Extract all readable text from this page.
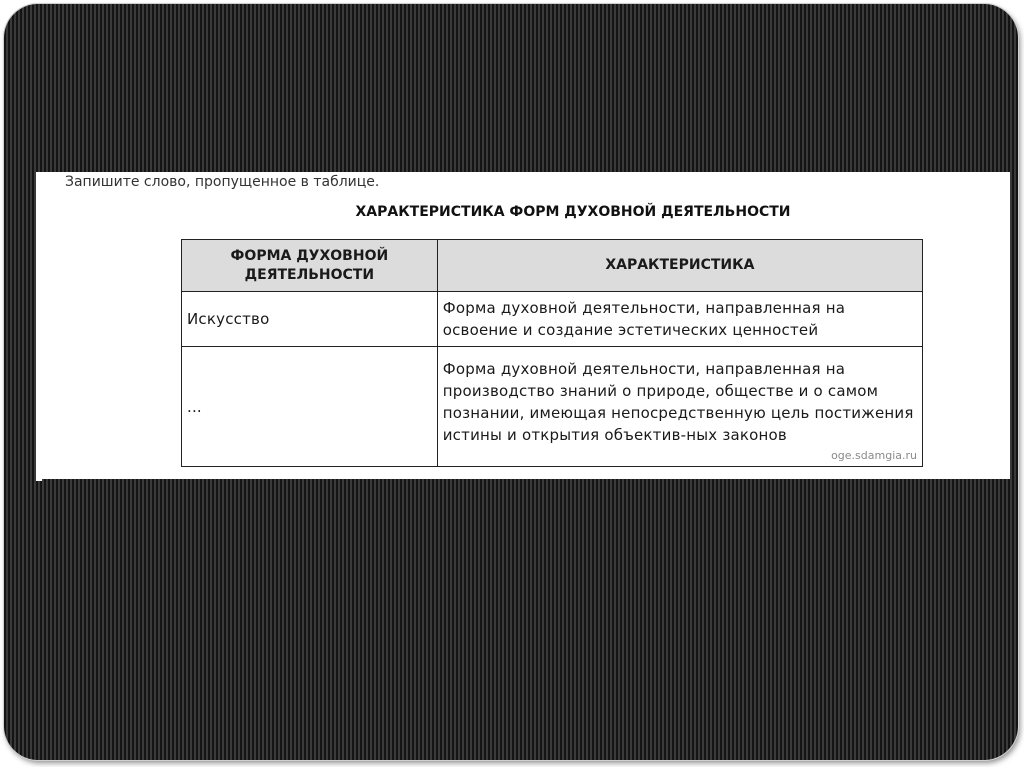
Запишите слово, пропущенное в таблице.
ХАРАКТЕРИСТИКА ФОРМ ДУХОВНОЙ ДЕЯТЕЛЬНОСТИ
ФОРМА ДУХОВНОЙ ДЕЯТЕЛЬНОСТИ	ХАРАКТЕРИСТИКА
Искусство	Форма духовной деятельности, направленная на освоение и создание эстетических ценностей

...	Форма духовной деятельности, направленная на производство знаний о природе, обществе и о самом познании, имеющая непосредственную цель постижения истины и открытия объектив-ных законов
oge.sdamgia.ru
